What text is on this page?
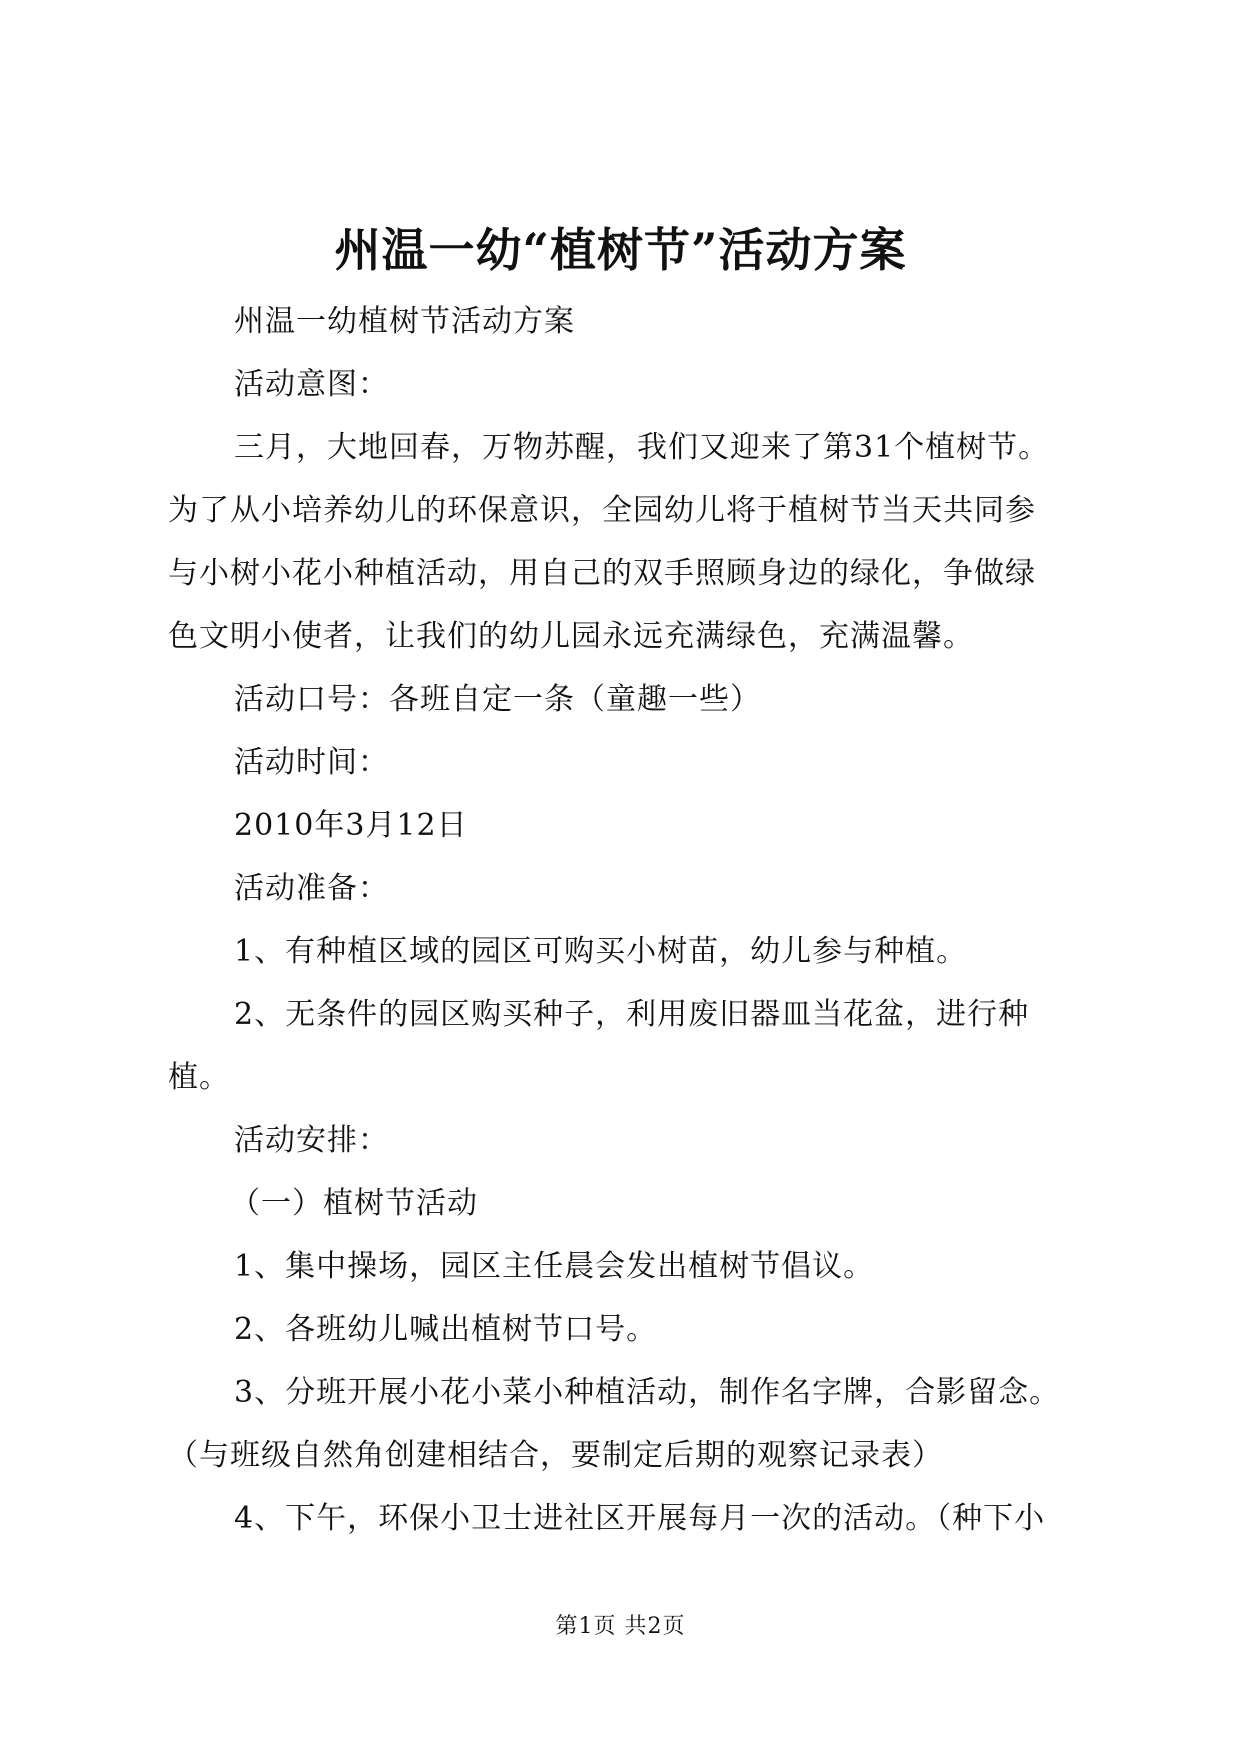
州温一幼“植树节”活动方案
州温一幼植树节活动方案
活动意图：
三月，大地回春，万物苏醒，我们又迎来了第31个植树节。
为了从小培养幼儿的环保意识，全园幼儿将于植树节当天共同参
与小树小花小种植活动，用自己的双手照顾身边的绿化，争做绿
色文明小使者，让我们的幼儿园永远充满绿色，充满温馨。
活动口号：各班自定一条（童趣一些）
活动时间：
2010年3月12日
活动准备：
1、有种植区域的园区可购买小树苗，幼儿参与种植。
2、无条件的园区购买种子，利用废旧器皿当花盆，进行种
植。
活动安排：
（一）植树节活动
1、集中操场，园区主任晨会发出植树节倡议。
2、各班幼儿喊出植树节口号。
3、分班开展小花小菜小种植活动，制作名字牌，合影留念。
（与班级自然角创建相结合，要制定后期的观察记录表）
4、下午，环保小卫士进社区开展每月一次的活动。（种下小
第1页 共2页
